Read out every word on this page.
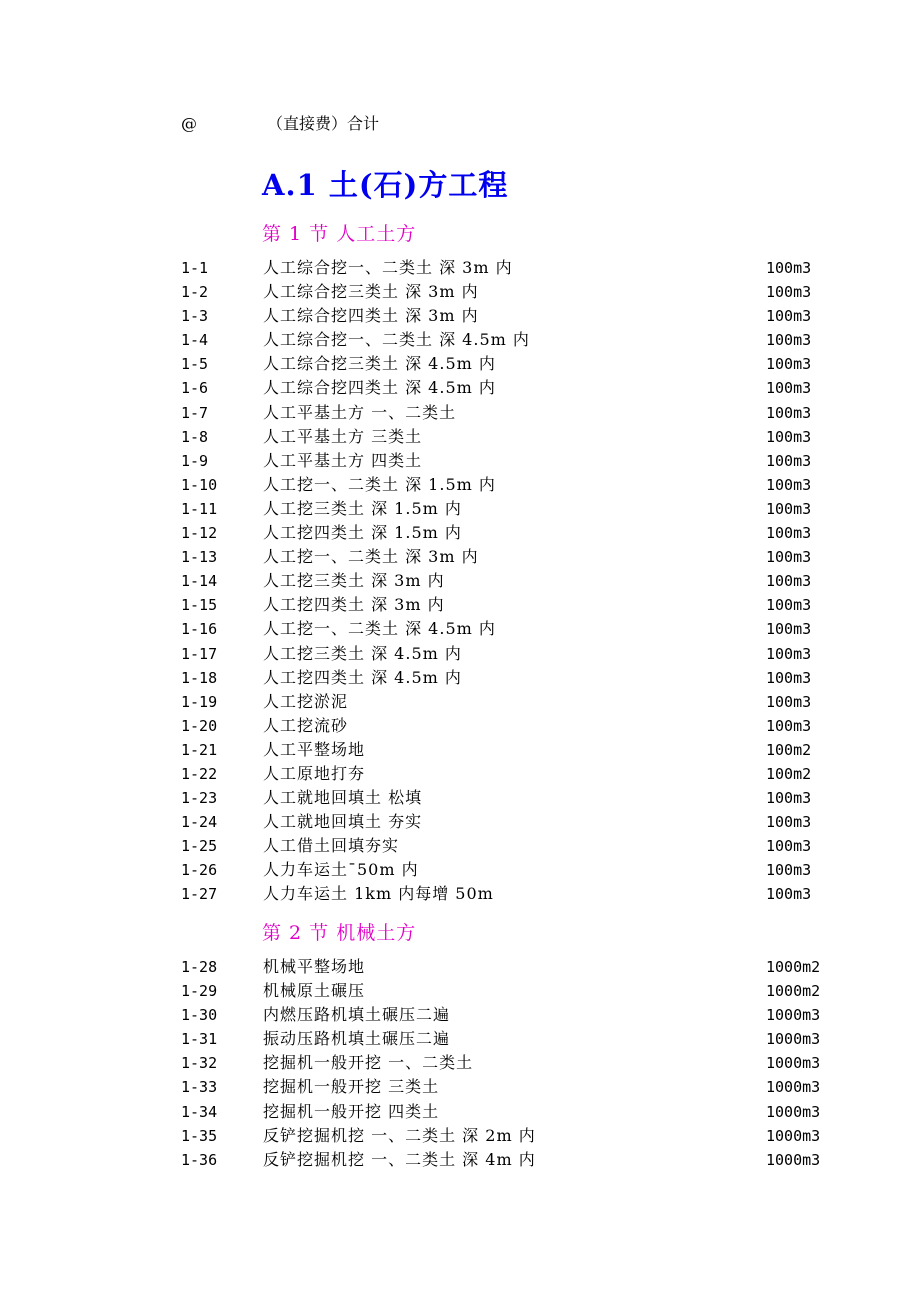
@	（直接费）合计
A.1 土(石)方工程
第 1 节 人工土方
1-1	人工综合挖一、二类土 深 3m 内	100m3
1-2	人工综合挖三类土 深 3m 内	100m3
1-3	人工综合挖四类土 深 3m 内	100m3
1-4	人工综合挖一、二类土 深 4.5m 内	100m3
1-5	人工综合挖三类土 深 4.5m 内	100m3
1-6	人工综合挖四类土 深 4.5m 内	100m3
1-7	人工平基土方 一、二类土	100m3
1-8	人工平基土方 三类土	100m3
1-9	人工平基土方 四类土	100m3
1-10	人工挖一、二类土 深 1.5m 内	100m3
1-11	人工挖三类土 深 1.5m 内	100m3
1-12	人工挖四类土 深 1.5m 内	100m3
1-13	人工挖一、二类土 深 3m 内	100m3
1-14	人工挖三类土 深 3m 内	100m3
1-15	人工挖四类土 深 3m 内	100m3
1-16	人工挖一、二类土 深 4.5m 内	100m3
1-17	人工挖三类土 深 4.5m 内	100m3
1-18	人工挖四类土 深 4.5m 内	100m3
1-19	人工挖淤泥	100m3
1-20	人工挖流砂	100m3
1-21	人工平整场地	100m2
1-22	人工原地打夯	100m2
1-23	人工就地回填土 松填	100m3
1-24	人工就地回填土 夯实	100m3
1-25	人工借土回填夯实	100m3
1-26	人力车运土ˉ50m 内	100m3
1-27	人力车运土 1km 内每增 50m	100m3
第 2 节 机械土方
1-28	机械平整场地	1000m2
1-29	机械原土碾压	1000m2
1-30	内燃压路机填土碾压二遍	1000m3
1-31	振动压路机填土碾压二遍	1000m3
1-32	挖掘机一般开挖 一、二类土	1000m3
1-33	挖掘机一般开挖 三类土	1000m3
1-34	挖掘机一般开挖 四类土	1000m3
1-35	反铲挖掘机挖 一、二类土 深 2m 内	1000m3
1-36	反铲挖掘机挖 一、二类土 深 4m 内	1000m3
